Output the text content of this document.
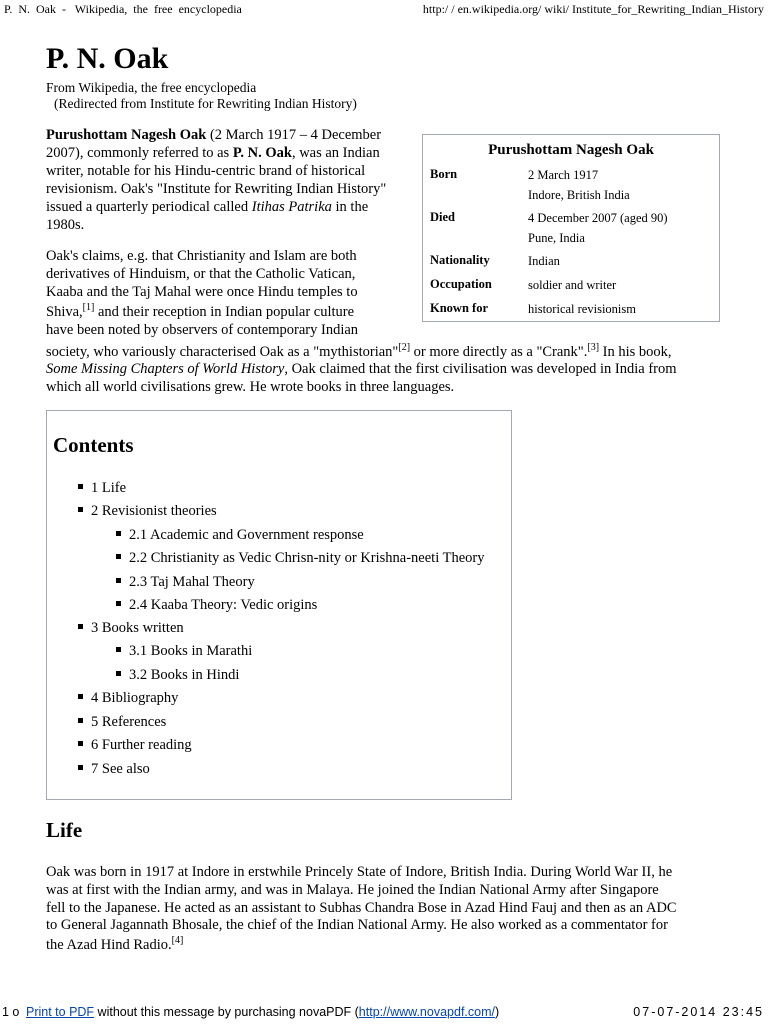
P.  N.  Oak  -   Wikipedia,  the  free  encyclopedia	http:/ / en.wikipedia.org/ wiki/ Institute_for_Rewriting_Indian_History
P. N. Oak
From Wikipedia, the free encyclopedia
(Redirected from Institute for Rewriting Indian History)
Purushottam Nagesh Oak
Born	2 March 1917
Indore, British India
Died	4 December 2007 (aged 90)
Pune, India
Nationality	Indian
Occupation	soldier and writer
Known for	historical revisionism
Purushottam Nagesh Oak (2 March 1917 – 4 December
2007), commonly referred to as P. N. Oak, was an Indian
writer, notable for his Hindu-centric brand of historical
revisionism. Oak's "Institute for Rewriting Indian History"
issued a quarterly periodical called Itihas Patrika in the
1980s.
Oak's claims, e.g. that Christianity and Islam are both
derivatives of Hinduism, or that the Catholic Vatican,
Kaaba and the Taj Mahal were once Hindu temples to
Shiva,[1] and their reception in Indian popular culture
have been noted by observers of contemporary Indian
society, who variously characterised Oak as a "mythistorian"[2] or more directly as a "Crank".[3] In his book,
Some Missing Chapters of World History, Oak claimed that the first civilisation was developed in India from
which all world civilisations grew. He wrote books in three languages.
Contents
1 Life
2 Revisionist theories
2.1 Academic and Government response
2.2 Christianity as Vedic Chrisn-nity or Krishna-neeti Theory
2.3 Taj Mahal Theory
2.4 Kaaba Theory: Vedic origins
3 Books written
3.1 Books in Marathi
3.2 Books in Hindi
4 Bibliography
5 References
6 Further reading
7 See also
Life
Oak was born in 1917 at Indore in erstwhile Princely State of Indore, British India. During World War II, he
was at first with the Indian army, and was in Malaya. He joined the Indian National Army after Singapore
fell to the Japanese. He acted as an assistant to Subhas Chandra Bose in Azad Hind Fauj and then as an ADC
to General Jagannath Bhosale, the chief of the Indian National Army. He also worked as a commentator for
the Azad Hind Radio.[4]
1 o Print to PDF without this message by purchasing novaPDF (http://www.novapdf.com/)	07-07-2014 23:45
